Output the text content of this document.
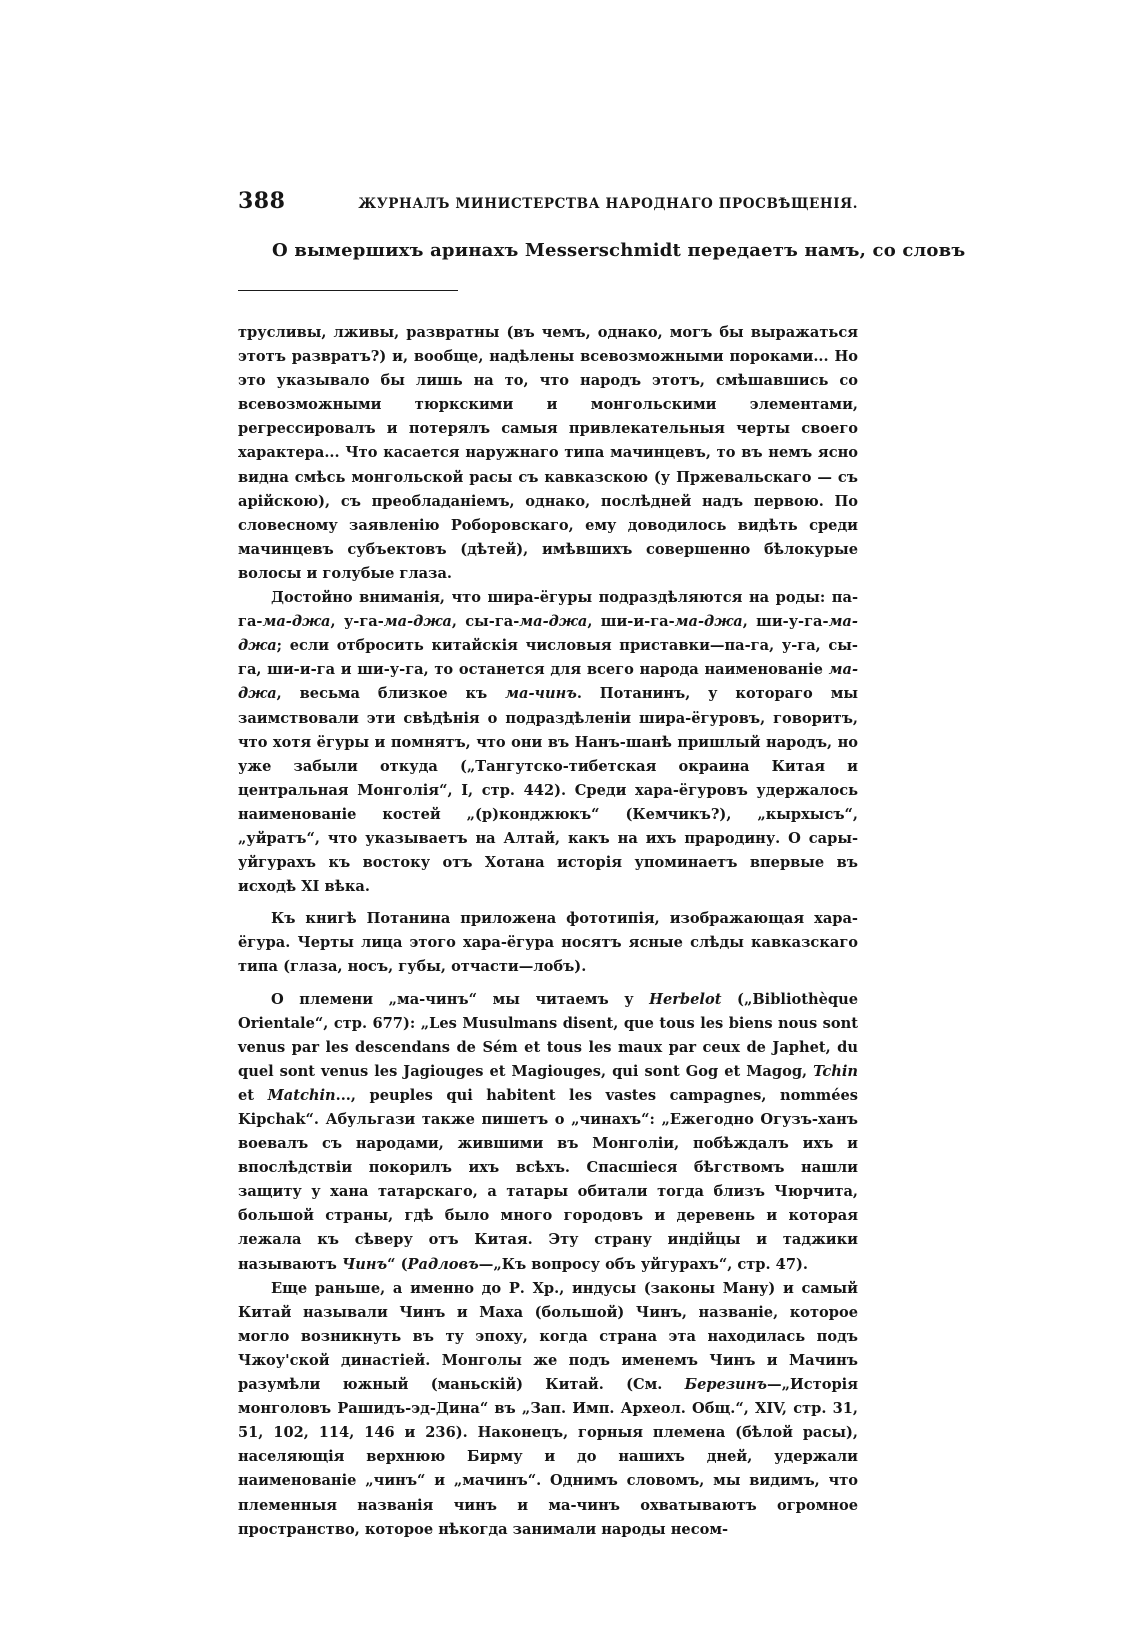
388	ЖУРНАЛЪ МИНИСТЕРСТВА НАРОДНАГО ПРОСВѢЩЕНІЯ.
О вымершихъ аринахъ Messerschmidt передаетъ намъ, со словъ

трусливы, лживы, развратны (въ чемъ, однако, могъ бы выражаться этотъ развратъ?) и, вообще, надѣлены всевозможными пороками... Но это указывало бы лишь на то, что народъ этотъ, смѣшавшись со всевозможными тюркскими и монгольскими элементами, регрессировалъ и потерялъ самыя привлекательныя черты своего характера... Что касается наружнаго типа мачинцевъ, то въ немъ ясно видна смѣсь монгольской расы съ кавказскою (у Пржевальскаго — съ арійскою), съ преобладаніемъ, однако, послѣдней надъ первою. По словесному заявленію Роборовскаго, ему доводилось видѣть среди мачинцевъ субъектовъ (дѣтей), имѣвшихъ совершенно бѣлокурые волосы и голубые глаза.

Достойно вниманія, что шира-ёгуры подраздѣляются на роды: па-га-ма-джа, у-га-ма-джа, сы-га-ма-джа, ши-и-га-ма-джа, ши-у-га-ма-джа; если отбросить китайскія числовыя приставки—па-га, у-га, сы-га, ши-и-га и ши-у-га, то останется для всего народа наименованіе ма-джа, весьма близкое къ ма-чинъ. Потанинъ, у котораго мы заимствовали эти свѣдѣнія о подраздѣленіи шира-ёгуровъ, говоритъ, что хотя ёгуры и помнятъ, что они въ Нанъ-шанѣ пришлый народъ, но уже забыли откуда („Тангутско-тибетская окраина Китая и центральная Монголія“, I, стр. 442). Среди хара-ёгуровъ удержалось наименованіе костей „(р)конджюкъ“ (Кемчикъ?), „кырхысъ“, „уйратъ“, что указываетъ на Алтай, какъ на ихъ прародину. О сары-уйгурахъ къ востоку отъ Хотана исторія упоминаетъ впервые въ исходѣ XI вѣка.

Къ книгѣ Потанина приложена фототипія, изображающая хара-ёгура. Черты лица этого хара-ёгура носятъ ясные слѣды кавказскаго типа (глаза, носъ, губы, отчасти—лобъ).

О племени „ма-чинъ“ мы читаемъ у Herbelot („Bibliothèque Orientale“, стр. 677): „Les Musulmans disent, que tous les biens nous sont venus par les descendans de Sém et tous les maux par ceux de Japhet, du quel sont venus les Jagiouges et Magiouges, qui sont Gog et Magog, Tchin et Matchin..., peuples qui habitent les vastes campagnes, nommées Kipchak“. Абульгази также пишетъ о „чинахъ“: „Ежегодно Огузъ-ханъ воевалъ съ народами, жившими въ Монголіи, побѣждалъ ихъ и впослѣдствіи покорилъ ихъ всѣхъ. Спасшіеся бѣгствомъ нашли защиту у хана татарскаго, а татары обитали тогда близъ Чюрчита, большой страны, гдѣ было много городовъ и деревень и которая лежала къ сѣверу отъ Китая. Эту страну индійцы и таджики называютъ Чинъ“ (Радловъ—„Къ вопросу объ уйгурахъ“, стр. 47).

Еще раньше, а именно до Р. Хр., индусы (законы Ману) и самый Китай называли Чинъ и Маха (большой) Чинъ, названіе, которое могло возникнуть въ ту эпоху, когда страна эта находилась подъ Чжоу'ской династіей. Монголы же подъ именемъ Чинъ и Мачинъ разумѣли южный (маньскій) Китай. (См. Березинъ—„Исторія монголовъ Рашидъ-эд-Дина“ въ „Зап. Имп. Археол. Общ.“, XIV, стр. 31, 51, 102, 114, 146 и 236). Наконецъ, горныя племена (бѣлой расы), населяющія верхнюю Бирму и до нашихъ дней, удержали наименованіе „чинъ“ и „мачинъ“. Однимъ словомъ, мы видимъ, что племенныя названія чинъ и ма-чинъ охватываютъ огромное пространство, которое нѣкогда занимали народы несом-
